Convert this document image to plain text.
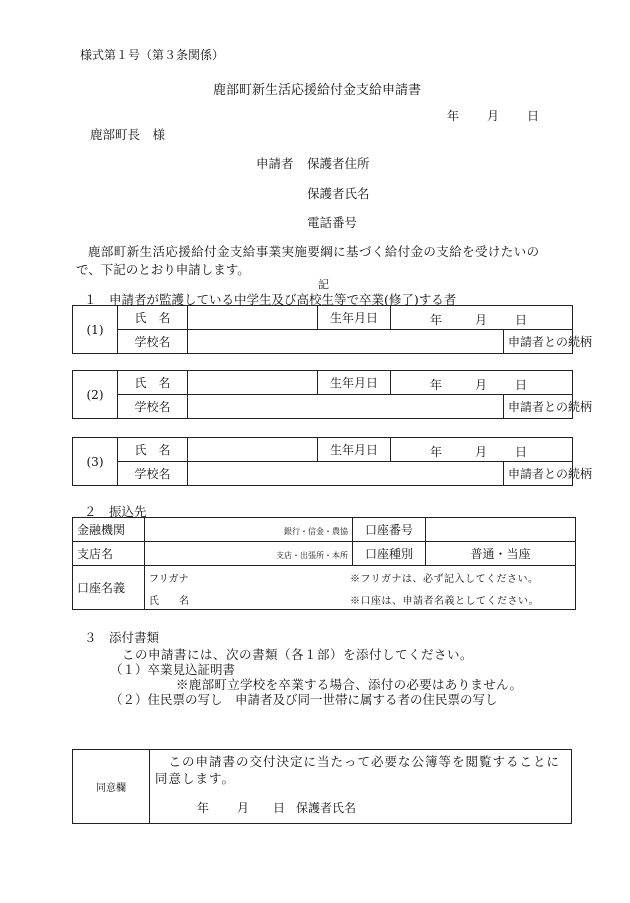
様式第１号（第３条関係）
鹿部町新生活応援給付金支給申請書
年 月 日
鹿部町長　様
申請者 保護者住所
保護者氏名
電話番号
鹿部町新生活応援給付金支給事業実施要綱に基づく給付金の支給を受けたいの
で、下記のとおり申請します。
記
１　申請者が監護している中学生及び高校生等で卒業(修了)する者
(1)	氏　名		生年月日	年 月 日		

	学校名				申請者との続柄	
(2)	氏　名		生年月日	年 月 日		

	学校名				申請者との続柄	
(3)	氏　名		生年月日	年 月 日		

	学校名				申請者との続柄	
２　振込先
金融機関	銀行・信金・農協	口座番号	
支店名	支店・出張所・本所	口座種別	普通・当座
口座名義	フリガナ ※フリガナは、必ず記入してください。
氏　　名 ※口座は、申請者名義としてください。		
３　添付書類
この申請書には、次の書類（各１部）を添付してください。
（１）卒業見込証明書
※鹿部町立学校を卒業する場合、添付の必要はありません。
（２）住民票の写し　申請者及び同一世帯に属する者の住民票の写し
同意欄
　この申請書の交付決定に当たって必要な公簿等を閲覧することに同意します。
年 月 日 保護者氏名
